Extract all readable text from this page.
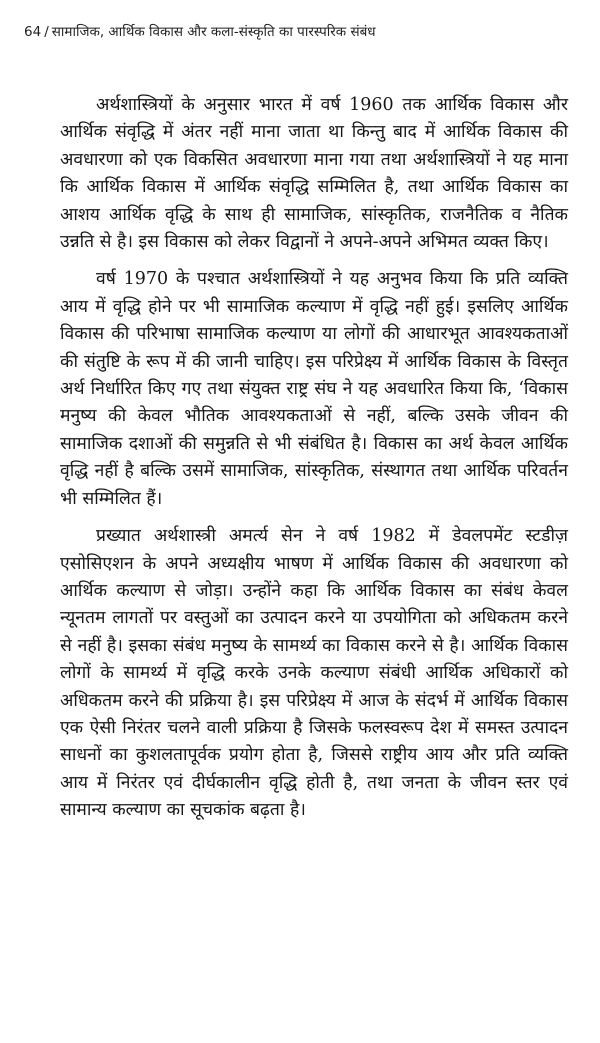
64 / सामाजिक, आर्थिक विकास और कला-संस्कृति का पारस्परिक संबंध

अर्थशास्त्रियों के अनुसार भारत में वर्ष 1960 तक आर्थिक विकास और आर्थिक संवृद्धि में अंतर नहीं माना जाता था किन्तु बाद में आर्थिक विकास की अवधारणा को एक विकसित अवधारणा माना गया तथा अर्थशास्त्रियों ने यह माना कि आर्थिक विकास में आर्थिक संवृद्धि सम्मिलित है, तथा आर्थिक विकास का आशय आर्थिक वृद्धि के साथ ही सामाजिक, सांस्कृतिक, राजनैतिक व नैतिक उन्नति से है। इस विकास को लेकर विद्वानों ने अपने-अपने अभिमत व्यक्त किए।

वर्ष 1970 के पश्चात अर्थशास्त्रियों ने यह अनुभव किया कि प्रति व्यक्ति आय में वृद्धि होने पर भी सामाजिक कल्याण में वृद्धि नहीं हुई। इसलिए आर्थिक विकास की परिभाषा सामाजिक कल्याण या लोगों की आधारभूत आवश्यकताओं की संतुष्टि के रूप में की जानी चाहिए। इस परिप्रेक्ष्य में आर्थिक विकास के विस्तृत अर्थ निर्धारित किए गए तथा संयुक्त राष्ट्र संघ ने यह अवधारित किया कि, ‘विकास मनुष्य की केवल भौतिक आवश्यकताओं से नहीं, बल्कि उसके जीवन की सामाजिक दशाओं की समुन्नति से भी संबंधित है। विकास का अर्थ केवल आर्थिक वृद्धि नहीं है बल्कि उसमें सामाजिक, सांस्कृतिक, संस्थागत तथा आर्थिक परिवर्तन भी सम्मिलित हैं।

प्रख्यात अर्थशास्त्री अमर्त्य सेन ने वर्ष 1982 में डेवलपमेंट स्टडीज़ एसोसिएशन के अपने अध्यक्षीय भाषण में आर्थिक विकास की अवधारणा को आर्थिक कल्याण से जोड़ा। उन्होंने कहा कि आर्थिक विकास का संबंध केवल न्यूनतम लागतों पर वस्तुओं का उत्पादन करने या उपयोगिता को अधिकतम करने से नहीं है। इसका संबंध मनुष्य के सामर्थ्य का विकास करने से है। आर्थिक विकास लोगों के सामर्थ्य में वृद्धि करके उनके कल्याण संबंधी आर्थिक अधिकारों को अधिकतम करने की प्रक्रिया है। इस परिप्रेक्ष्य में आज के संदर्भ में आर्थिक विकास एक ऐसी निरंतर चलने वाली प्रक्रिया है जिसके फलस्वरूप देश में समस्त उत्पादन साधनों का कुशलतापूर्वक प्रयोग होता है, जिससे राष्ट्रीय आय और प्रति व्यक्ति आय में निरंतर एवं दीर्घकालीन वृद्धि होती है, तथा जनता के जीवन स्तर एवं सामान्य कल्याण का सूचकांक बढ़ता है।
